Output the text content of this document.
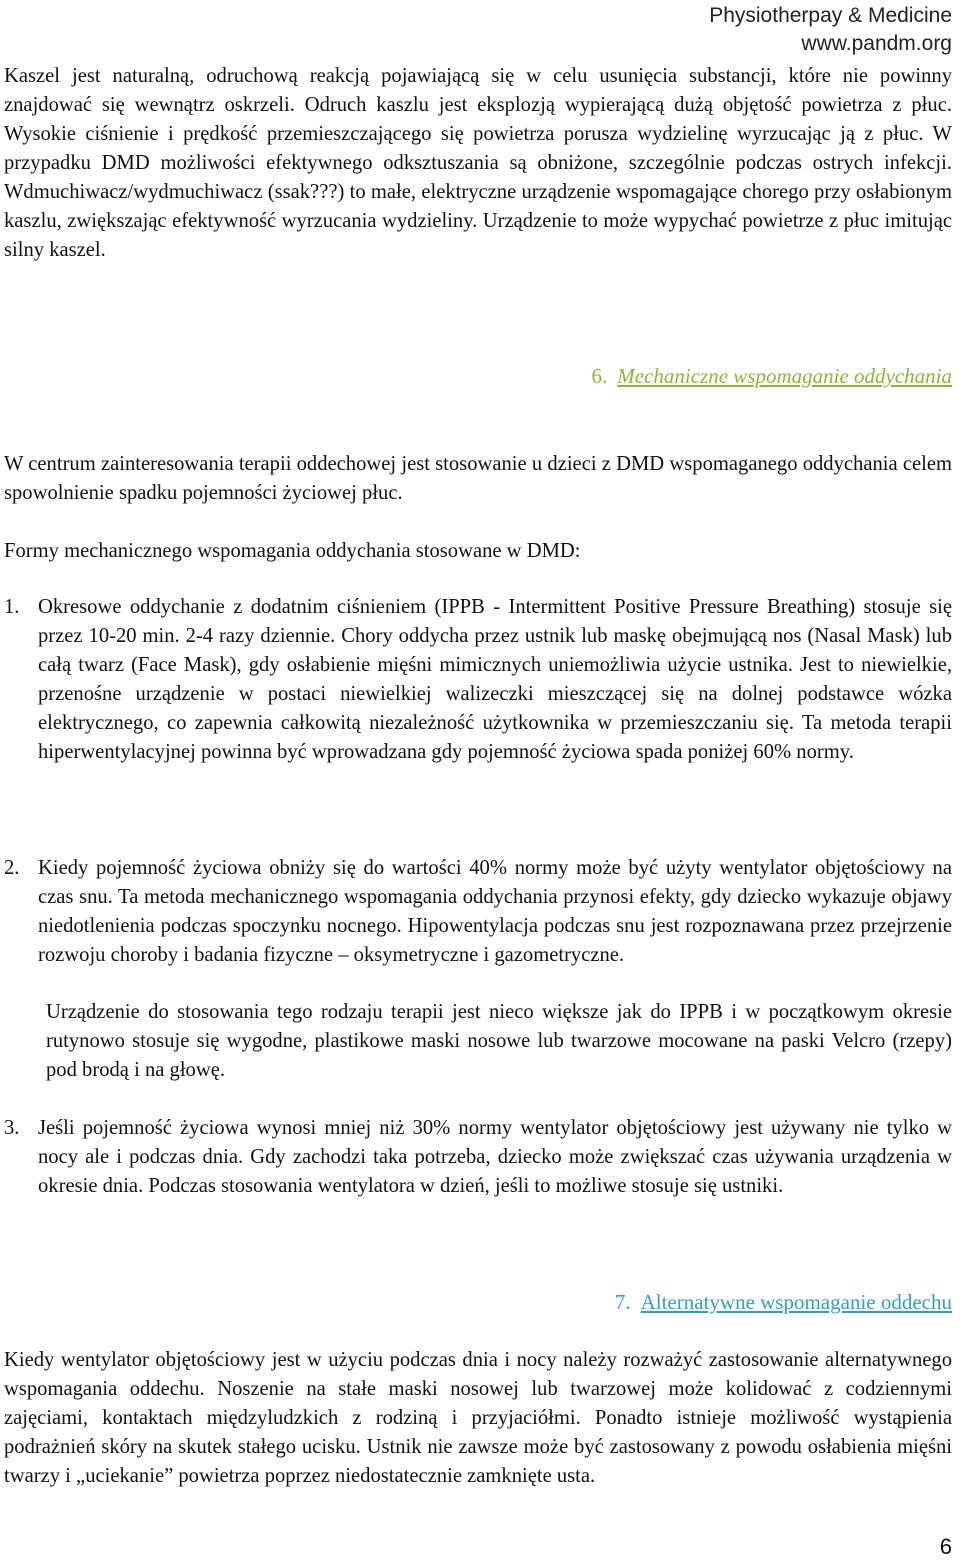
Physiotherpay & Medicine
www.pandm.org
Kaszel jest naturalną, odruchową reakcją pojawiającą się w celu usunięcia substancji, które nie powinny znajdować się wewnątrz oskrzeli. Odruch kaszlu jest eksplozją wypierającą dużą objętość powietrza z płuc. Wysokie ciśnienie i prędkość przemieszczającego się powietrza porusza wydzielinę wyrzucając ją z płuc. W przypadku DMD możliwości efektywnego odksztuszania są obniżone, szczególnie podczas ostrych infekcji. Wdmuchiwacz/wydmuchiwacz (ssak???) to małe, elektryczne urządzenie wspomagające chorego przy osłabionym kaszlu, zwiększając efektywność wyrzucania wydzieliny. Urządzenie to może wypychać powietrze z płuc imitując silny kaszel.
6. Mechaniczne wspomaganie oddychania
W centrum zainteresowania terapii oddechowej jest stosowanie u dzieci z DMD wspomaganego oddychania celem spowolnienie spadku pojemności życiowej płuc.
Formy mechanicznego wspomagania oddychania stosowane w DMD:
1. Okresowe oddychanie z dodatnim ciśnieniem (IPPB - Intermittent Positive Pressure Breathing) stosuje się przez 10-20 min. 2-4 razy dziennie. Chory oddycha przez ustnik lub maskę obejmującą nos (Nasal Mask) lub całą twarz (Face Mask), gdy osłabienie mięśni mimicznych uniemożliwia użycie ustnika. Jest to niewielkie, przenośne urządzenie w postaci niewielkiej walizeczki mieszczącej się na dolnej podstawce wózka elektrycznego, co zapewnia całkowitą niezależność użytkownika w przemieszczaniu się. Ta metoda terapii hiperwentylacyjnej powinna być wprowadzana gdy pojemność życiowa spada poniżej 60% normy.
2. Kiedy pojemność życiowa obniży się do wartości 40% normy może być użyty wentylator objętościowy na czas snu. Ta metoda mechanicznego wspomagania oddychania przynosi efekty, gdy dziecko wykazuje objawy niedotlenienia podczas spoczynku nocnego. Hipowentylacja podczas snu jest rozpoznawana przez przejrzenie rozwoju choroby i badania fizyczne – oksymetryczne i gazometryczne.
Urządzenie do stosowania tego rodzaju terapii jest nieco większe jak do IPPB i w początkowym okresie rutynowo stosuje się wygodne, plastikowe maski nosowe lub twarzowe mocowane na paski Velcro (rzepy) pod brodą i na głowę.
3. Jeśli pojemność życiowa wynosi mniej niż 30% normy wentylator objętościowy jest używany nie tylko w nocy ale i podczas dnia. Gdy zachodzi taka potrzeba, dziecko może zwiększać czas używania urządzenia w okresie dnia. Podczas stosowania wentylatora w dzień, jeśli to możliwe stosuje się ustniki.
7. Alternatywne wspomaganie oddechu
Kiedy wentylator objętościowy jest w użyciu podczas dnia i nocy należy rozważyć zastosowanie alternatywnego wspomagania oddechu. Noszenie na stałe maski nosowej lub twarzowej może kolidować z codziennymi zajęciami, kontaktach międzyludzkich z rodziną i przyjaciółmi. Ponadto istnieje możliwość wystąpienia podrażnień skóry na skutek stałego ucisku. Ustnik nie zawsze może być zastosowany z powodu osłabienia mięśni twarzy i „uciekanie” powietrza poprzez niedostatecznie zamknięte usta.
6
